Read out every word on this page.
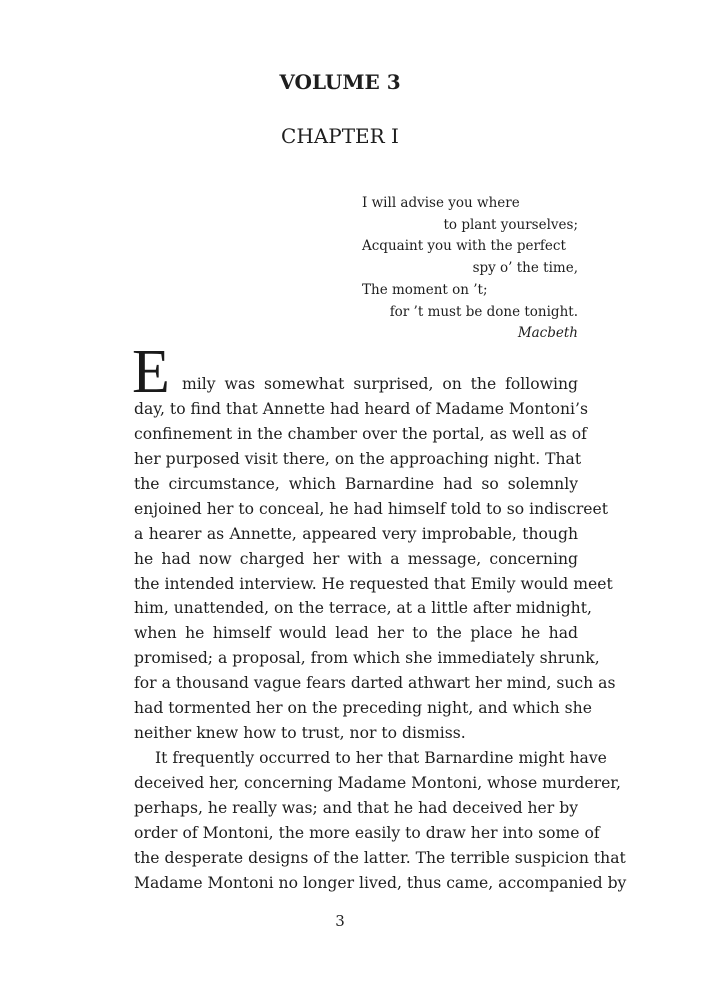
VOLUME 3
CHAPTER I
I will advise you where
to plant yourselves;
Acquaint you with the perfect
spy o’ the time,
The moment on ’t;
for ’t must be done tonight.
Macbeth
E mily was somewhat surprised, on the following
day, to find that Annette had heard of Madame Montoni’s
confinement in the chamber over the portal, as well as of
her purposed visit there, on the approaching night. That
the circumstance, which Barnardine had so solemnly
enjoined her to conceal, he had himself told to so indiscreet
a hearer as Annette, appeared very improbable, though
he had now charged her with a message, concerning
the intended interview. He requested that Emily would meet
him, unattended, on the terrace, at a little after midnight,
when he himself would lead her to the place he had
promised; a proposal, from which she immediately shrunk,
for a thousand vague fears darted athwart her mind, such as
had tormented her on the preceding night, and which she
neither knew how to trust, nor to dismiss.
It frequently occurred to her that Barnardine might have
deceived her, concerning Madame Montoni, whose murderer,
perhaps, he really was; and that he had deceived her by
order of Montoni, the more easily to draw her into some of
the desperate designs of the latter. The terrible suspicion that
Madame Montoni no longer lived, thus came, accompanied by
3
